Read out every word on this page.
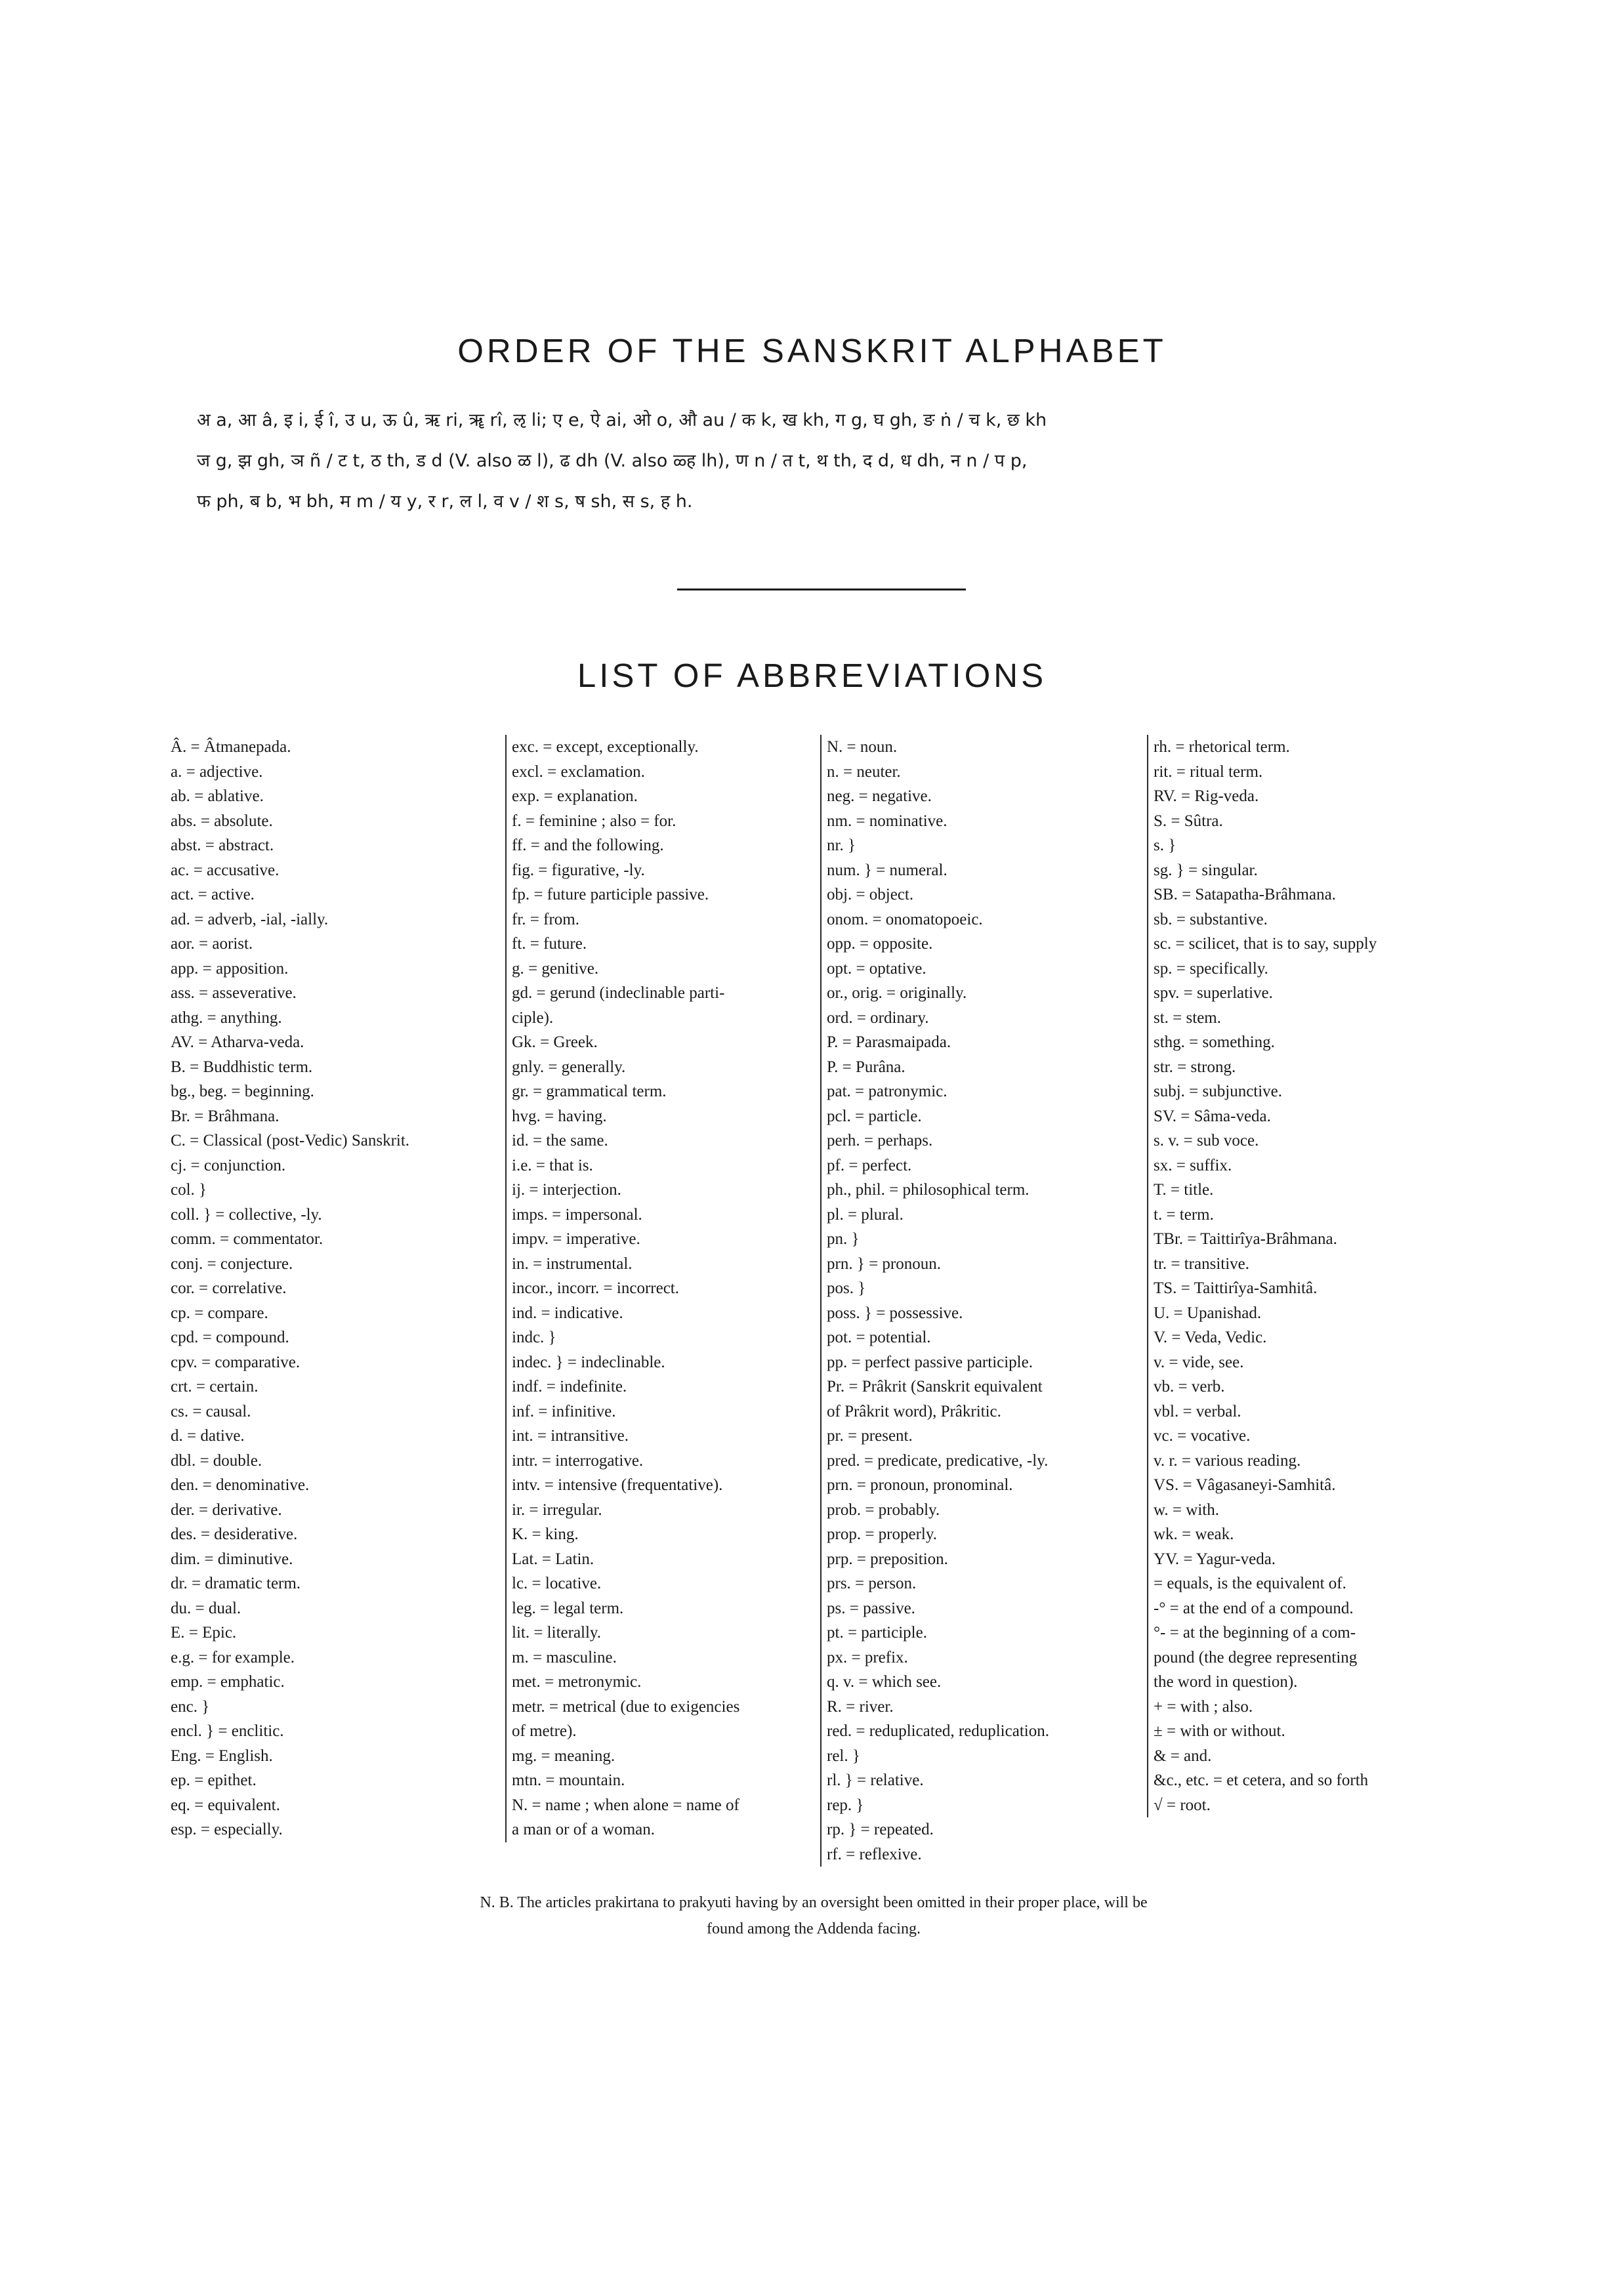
ORDER OF THE SANSKRIT ALPHABET
अ a, आ â, इ i, ई î, उ u, ऊ û, ऋ ri, ॠ rî, ऌ li; ए e, ऐ ai, ओ o, औ au / क k, ख kh, ग g, घ gh, ङ ṅ / च k, छ kh
ज g, झ gh, ञ ñ / ट t, ठ th, ड d (V. also ळ l), ढ dh (V. also ळ्ह lh), ण n / त t, थ th, द d, ध dh, न n / प p,
फ ph, ब b, भ bh, म m / य y, र r, ल l, व v / श s, ष sh, स s, ह h.
LIST OF ABBREVIATIONS
Â. = Âtmanepada.
a. = adjective.
ab. = ablative.
abs. = absolute.
abst. = abstract.
ac. = accusative.
act. = active.
ad. = adverb, -ial, -ially.
aor. = aorist.
app. = apposition.
ass. = asseverative.
athg. = anything.
AV. = Atharva-veda.
B. = Buddhistic term.
bg., beg. = beginning.
Br. = Brâhmana.
C. = Classical (post-Vedic) Sanskrit.
cj. = conjunction.
col. }
coll. } = collective, -ly.
comm. = commentator.
conj. = conjecture.
cor. = correlative.
cp. = compare.
cpd. = compound.
cpv. = comparative.
crt. = certain.
cs. = causal.
d. = dative.
dbl. = double.
den. = denominative.
der. = derivative.
des. = desiderative.
dim. = diminutive.
dr. = dramatic term.
du. = dual.
E. = Epic.
e.g. = for example.
emp. = emphatic.
enc. }
encl. } = enclitic.
Eng. = English.
ep. = epithet.
eq. = equivalent.
esp. = especially.
exc. = except, exceptionally.
excl. = exclamation.
exp. = explanation.
f. = feminine ; also = for.
ff. = and the following.
fig. = figurative, -ly.
fp. = future participle passive.
fr. = from.
ft. = future.
g. = genitive.
gd. = gerund (indeclinable parti-
ciple).
Gk. = Greek.
gnly. = generally.
gr. = grammatical term.
hvg. = having.
id. = the same.
i.e. = that is.
ij. = interjection.
imps. = impersonal.
impv. = imperative.
in. = instrumental.
incor., incorr. = incorrect.
ind. = indicative.
indc. }
indec. } = indeclinable.
indf. = indefinite.
inf. = infinitive.
int. = intransitive.
intr. = interrogative.
intv. = intensive (frequentative).
ir. = irregular.
K. = king.
Lat. = Latin.
lc. = locative.
leg. = legal term.
lit. = literally.
m. = masculine.
met. = metronymic.
metr. = metrical (due to exigencies
of metre).
mg. = meaning.
mtn. = mountain.
N. = name ; when alone = name of
a man or of a woman.
N. = noun.
n. = neuter.
neg. = negative.
nm. = nominative.
nr. }
num. } = numeral.
obj. = object.
onom. = onomatopoeic.
opp. = opposite.
opt. = optative.
or., orig. = originally.
ord. = ordinary.
P. = Parasmaipada.
P. = Purâna.
pat. = patronymic.
pcl. = particle.
perh. = perhaps.
pf. = perfect.
ph., phil. = philosophical term.
pl. = plural.
pn. }
prn. } = pronoun.
pos. }
poss. } = possessive.
pot. = potential.
pp. = perfect passive participle.
Pr. = Prâkrit (Sanskrit equivalent
of Prâkrit word), Prâkritic.
pr. = present.
pred. = predicate, predicative, -ly.
prn. = pronoun, pronominal.
prob. = probably.
prop. = properly.
prp. = preposition.
prs. = person.
ps. = passive.
pt. = participle.
px. = prefix.
q. v. = which see.
R. = river.
red. = reduplicated, reduplication.
rel. }
rl. } = relative.
rep. }
rp. } = repeated.
rf. = reflexive.
rh. = rhetorical term.
rit. = ritual term.
RV. = Rig-veda.
S. = Sûtra.
s. }
sg. } = singular.
SB. = Satapatha-Brâhmana.
sb. = substantive.
sc. = scilicet, that is to say, supply
sp. = specifically.
spv. = superlative.
st. = stem.
sthg. = something.
str. = strong.
subj. = subjunctive.
SV. = Sâma-veda.
s. v. = sub voce.
sx. = suffix.
T. = title.
t. = term.
TBr. = Taittirîya-Brâhmana.
tr. = transitive.
TS. = Taittirîya-Samhitâ.
U. = Upanishad.
V. = Veda, Vedic.
v. = vide, see.
vb. = verb.
vbl. = verbal.
vc. = vocative.
v. r. = various reading.
VS. = Vâgasaneyi-Samhitâ.
w. = with.
wk. = weak.
YV. = Yagur-veda.
= equals, is the equivalent of.
-° = at the end of a compound.
°- = at the beginning of a com-
pound (the degree representing
the word in question).
+ = with ; also.
± = with or without.
& = and.
&c., etc. = et cetera, and so forth
√ = root.
N. B. The articles prakirtana to prakyuti having by an oversight been omitted in their proper place, will be
found among the Addenda facing.
